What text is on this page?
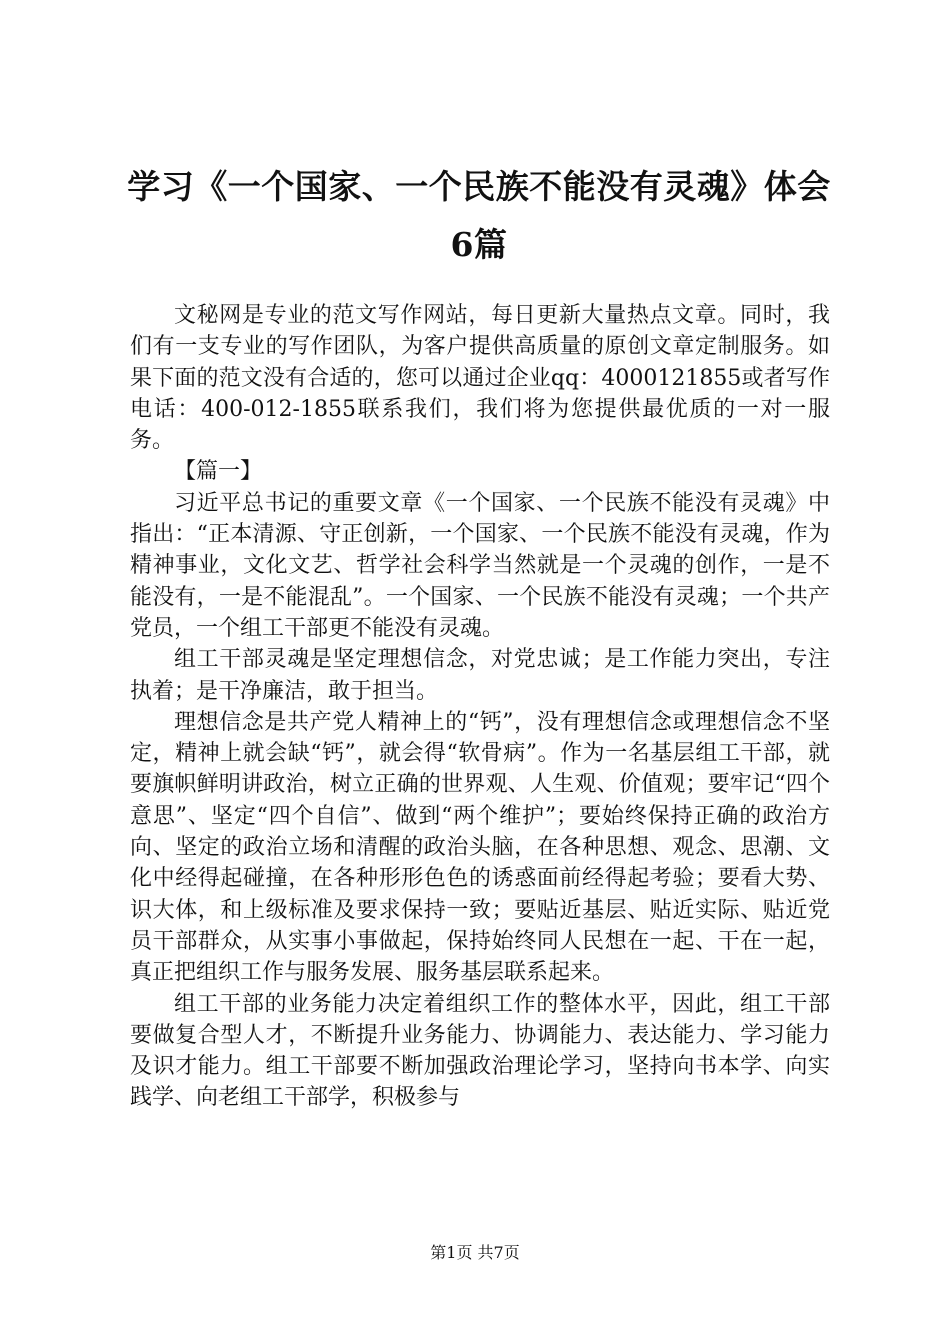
学习《一个国家、一个民族不能没有灵魂》体会6篇

文秘网是专业的范文写作网站，每日更新大量热点文章。同时，我们有一支专业的写作团队，为客户提供高质量的原创文章定制服务。如果下面的范文没有合适的，您可以通过企业qq：4000121855或者写作电话：400-012-1855联系我们，我们将为您提供最优质的一对一服务。

【篇一】

习近平总书记的重要文章《一个国家、一个民族不能没有灵魂》中指出：“正本清源、守正创新，一个国家、一个民族不能没有灵魂，作为精神事业，文化文艺、哲学社会科学当然就是一个灵魂的创作，一是不能没有，一是不能混乱”。一个国家、一个民族不能没有灵魂；一个共产党员，一个组工干部更不能没有灵魂。

组工干部灵魂是坚定理想信念，对党忠诚；是工作能力突出，专注执着；是干净廉洁，敢于担当。

理想信念是共产党人精神上的“钙”，没有理想信念或理想信念不坚定，精神上就会缺“钙”，就会得“软骨病”。作为一名基层组工干部，就要旗帜鲜明讲政治，树立正确的世界观、人生观、价值观；要牢记“四个意思”、坚定“四个自信”、做到“两个维护”；要始终保持正确的政治方向、坚定的政治立场和清醒的政治头脑，在各种思想、观念、思潮、文化中经得起碰撞，在各种形形色色的诱惑面前经得起考验；要看大势、识大体，和上级标准及要求保持一致；要贴近基层、贴近实际、贴近党员干部群众，从实事小事做起，保持始终同人民想在一起、干在一起，真正把组织工作与服务发展、服务基层联系起来。

组工干部的业务能力决定着组织工作的整体水平，因此，组工干部要做复合型人才，不断提升业务能力、协调能力、表达能力、学习能力及识才能力。组工干部要不断加强政治理论学习，坚持向书本学、向实践学、向老组工干部学，积极参与

第1页 共7页
